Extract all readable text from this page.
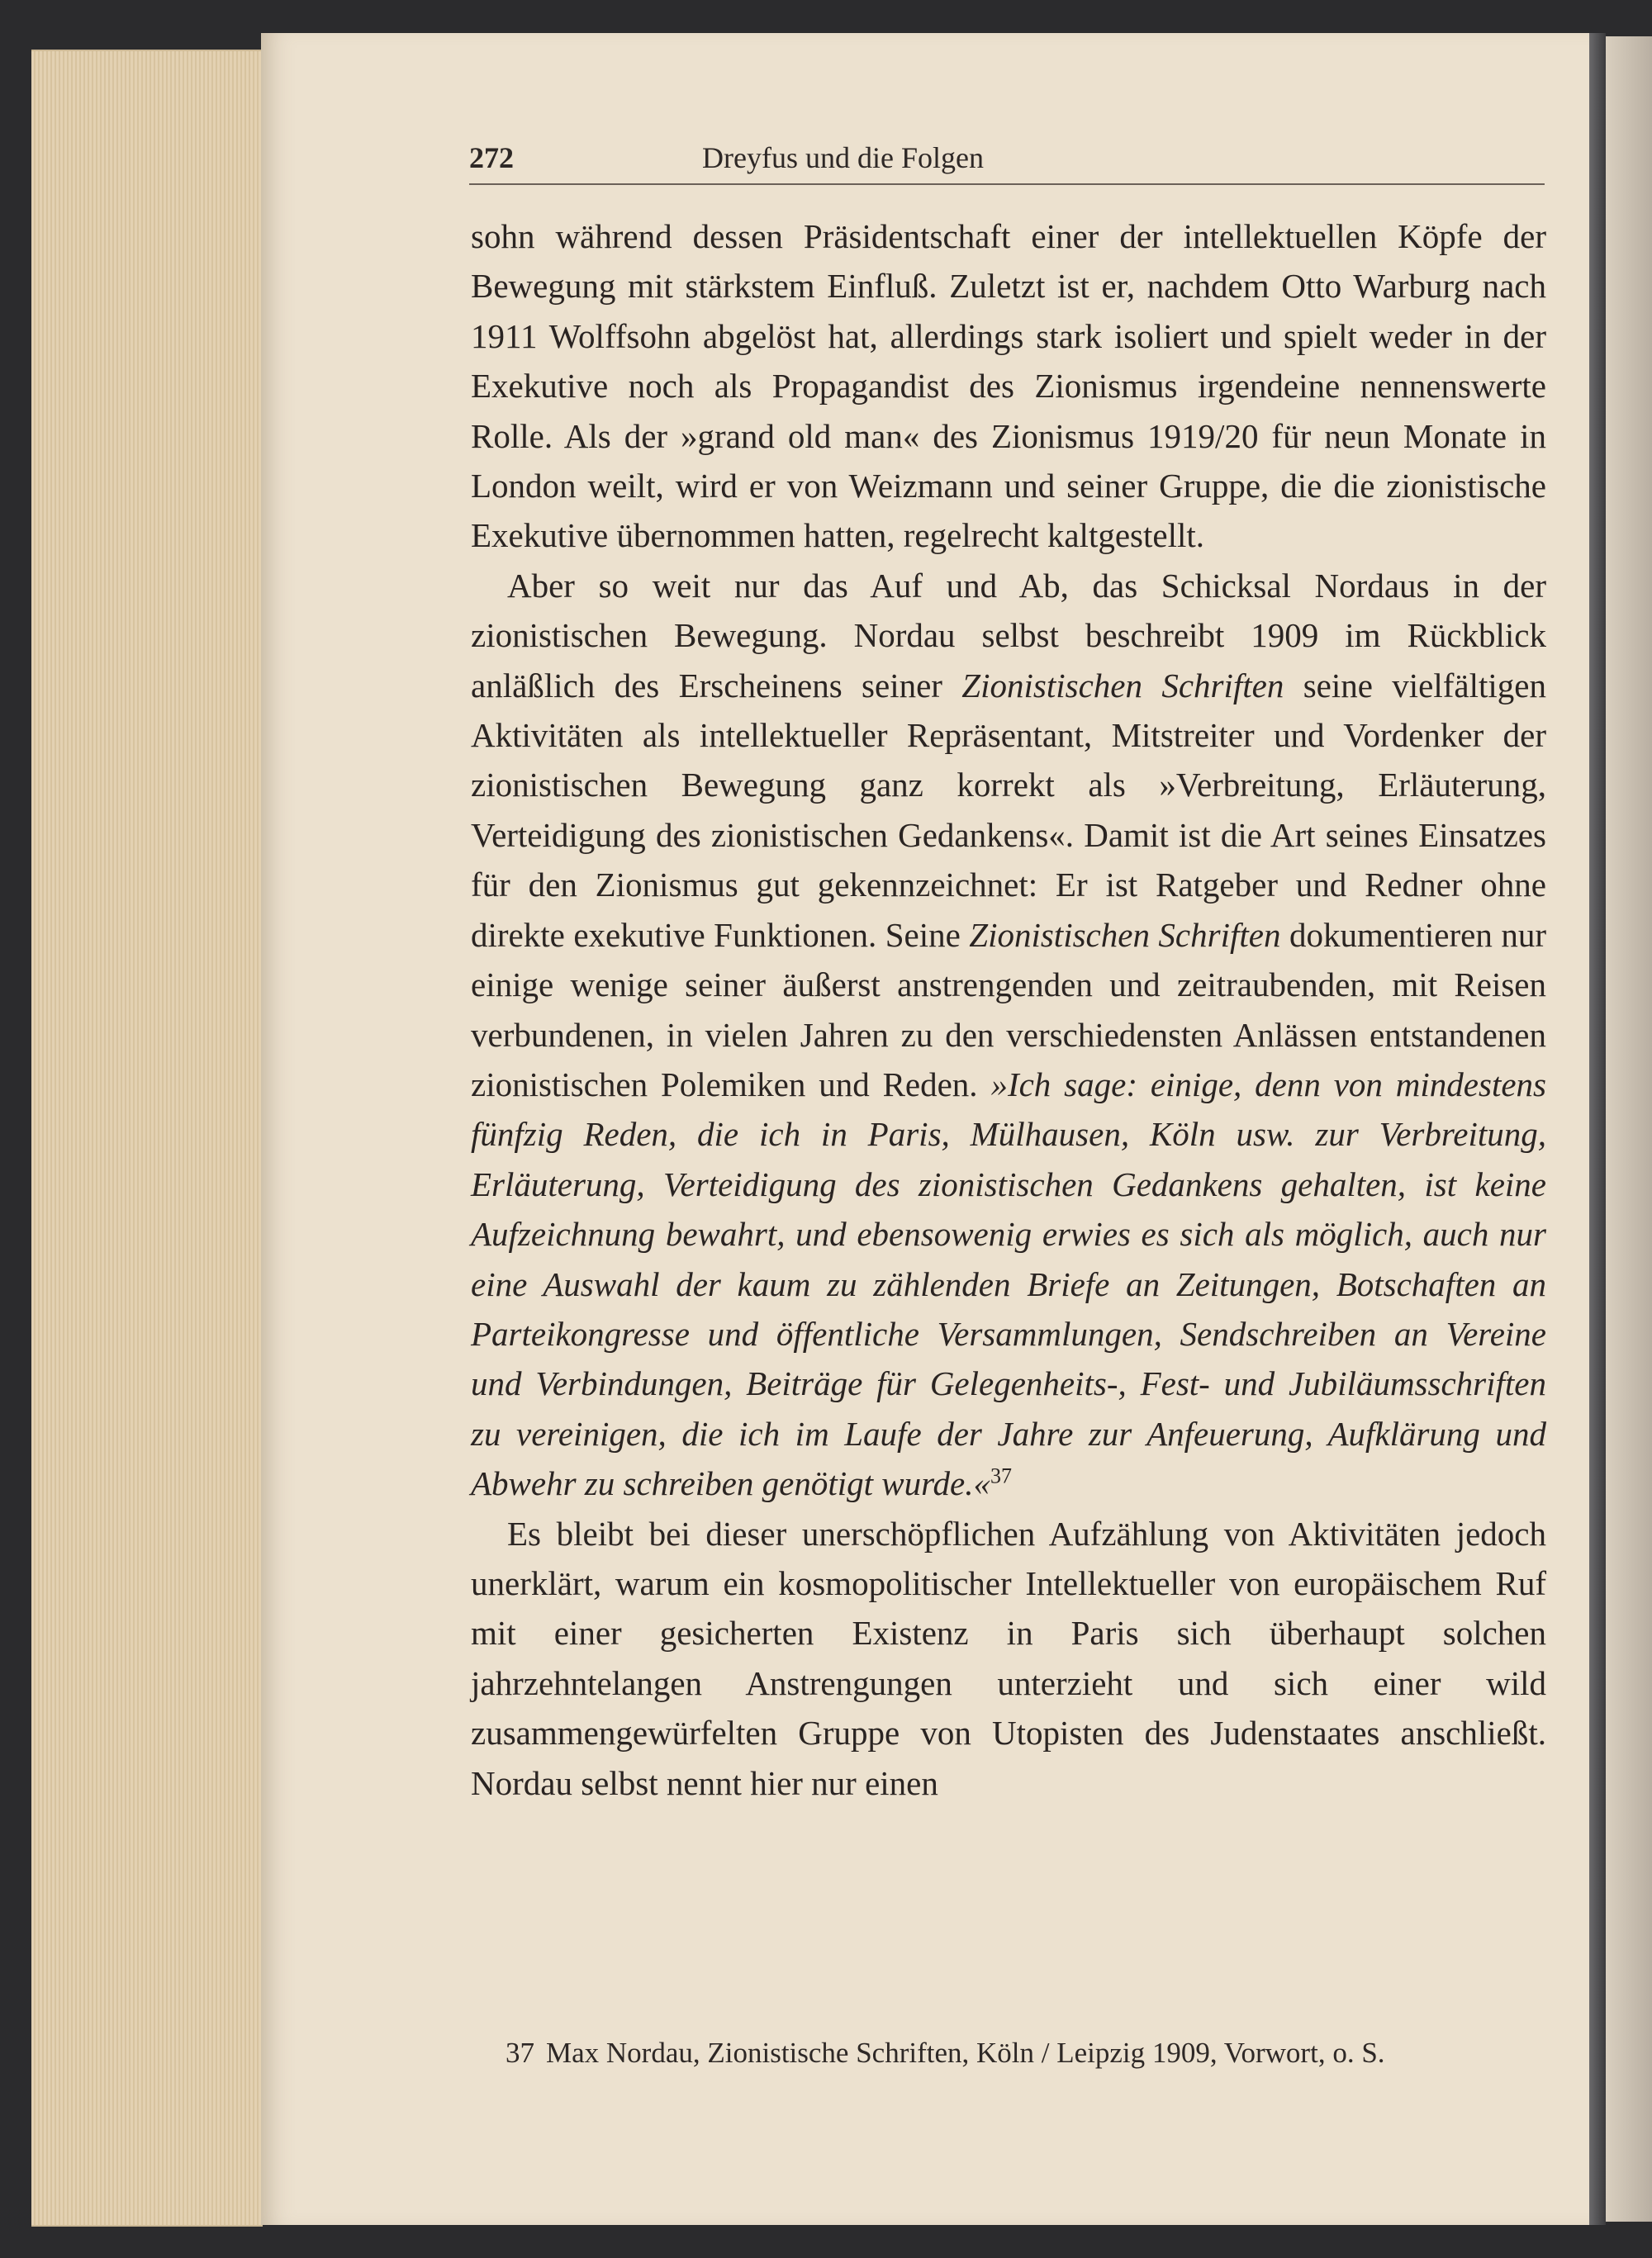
272	Dreyfus und die Folgen

sohn während dessen Präsidentschaft einer der intellektuellen Köpfe der Bewegung mit stärkstem Einfluß. Zuletzt ist er, nachdem Otto Warburg nach 1911 Wolffsohn abgelöst hat, allerdings stark isoliert und spielt weder in der Exekutive noch als Propagandist des Zionismus irgendeine nennenswerte Rolle. Als der »grand old man« des Zionismus 1919/20 für neun Monate in London weilt, wird er von Weizmann und seiner Gruppe, die die zionistische Exekutive übernommen hatten, regelrecht kaltgestellt.

Aber so weit nur das Auf und Ab, das Schicksal Nordaus in der zionistischen Bewegung. Nordau selbst beschreibt 1909 im Rückblick anläßlich des Erscheinens seiner Zionistischen Schriften seine vielfältigen Aktivitäten als intellektueller Repräsentant, Mitstreiter und Vordenker der zionistischen Bewegung ganz korrekt als »Verbreitung, Erläuterung, Verteidigung des zionistischen Gedankens«. Damit ist die Art seines Einsatzes für den Zionismus gut gekennzeichnet: Er ist Ratgeber und Redner ohne direkte exekutive Funktionen. Seine Zionistischen Schriften dokumentieren nur einige wenige seiner äußerst anstrengenden und zeitraubenden, mit Reisen verbundenen, in vielen Jahren zu den verschiedensten Anlässen entstandenen zionistischen Polemiken und Reden. »Ich sage: einige, denn von mindestens fünfzig Reden, die ich in Paris, Mülhausen, Köln usw. zur Verbreitung, Erläuterung, Verteidigung des zionistischen Gedankens gehalten, ist keine Aufzeichnung bewahrt, und ebensowenig erwies es sich als möglich, auch nur eine Auswahl der kaum zu zählenden Briefe an Zeitungen, Botschaften an Parteikongresse und öffentliche Versammlungen, Sendschreiben an Vereine und Verbindungen, Beiträge für Gelegenheits-, Fest- und Jubiläumsschriften zu vereinigen, die ich im Laufe der Jahre zur Anfeuerung, Aufklärung und Abwehr zu schreiben genötigt wurde.«$^{37}$

Es bleibt bei dieser unerschöpflichen Aufzählung von Aktivitäten jedoch unerklärt, warum ein kosmopolitischer Intellektueller von europäischem Ruf mit einer gesicherten Existenz in Paris sich überhaupt solchen jahrzehntelangen Anstrengungen unterzieht und sich einer wild zusammengewürfelten Gruppe von Utopisten des Judenstaates anschließt. Nordau selbst nennt hier nur einen

37 Max Nordau, Zionistische Schriften, Köln / Leipzig 1909, Vorwort, o. S.
